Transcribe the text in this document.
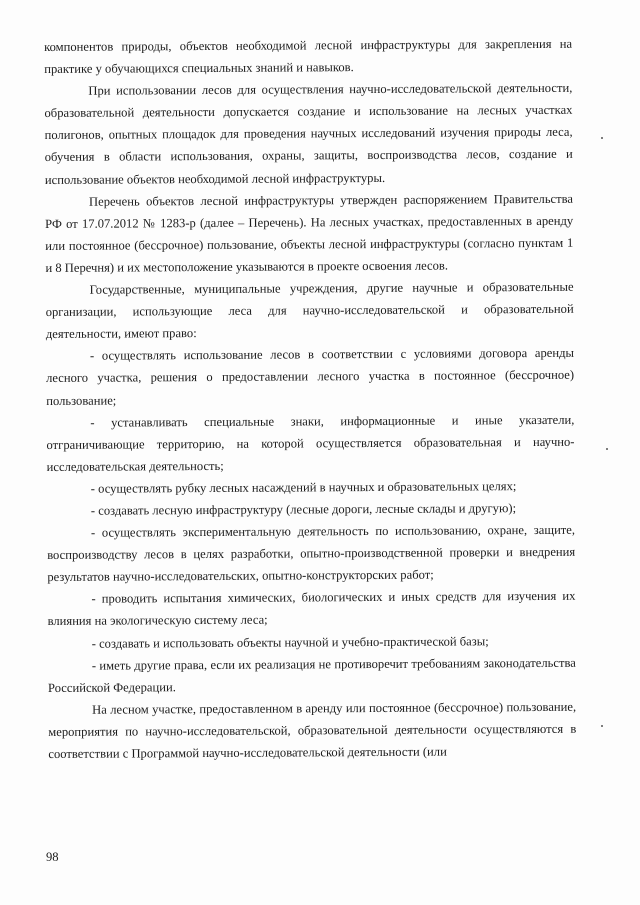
компонентов природы, объектов необходимой лесной инфраструктуры для закрепления на практике у обучающихся специальных знаний и навыков.

При использовании лесов для осуществления научно-исследовательской деятельности, образовательной деятельности допускается создание и использование на лесных участках полигонов, опытных площадок для проведения научных исследований изучения природы леса, обучения в области использования, охраны, защиты, воспроизводства лесов, создание и использование объектов необходимой лесной инфраструктуры.

Перечень объектов лесной инфраструктуры утвержден распоряжением Правительства РФ от 17.07.2012 № 1283-р (далее – Перечень). На лесных участках, предоставленных в аренду или постоянное (бессрочное) пользование, объекты лесной инфраструктуры (согласно пунктам 1 и 8 Перечня) и их местоположение указываются в проекте освоения лесов.

Государственные, муниципальные учреждения, другие научные и образовательные организации, использующие леса для научно-исследовательской и образовательной деятельности, имеют право:

- осуществлять использование лесов в соответствии с условиями договора аренды лесного участка, решения о предоставлении лесного участка в постоянное (бессрочное) пользование;

- устанавливать специальные знаки, информационные и иные указатели, отграничивающие территорию, на которой осуществляется образовательная и научно-исследовательская деятельность;

- осуществлять рубку лесных насаждений в научных и образовательных целях;

- создавать лесную инфраструктуру (лесные дороги, лесные склады и другую);

- осуществлять экспериментальную деятельность по использованию, охране, защите, воспроизводству лесов в целях разработки, опытно-производственной проверки и внедрения результатов научно-исследовательских, опытно-конструкторских работ;

- проводить испытания химических, биологических и иных средств для изучения их влияния на экологическую систему леса;

- создавать и использовать объекты научной и учебно-практической базы;

- иметь другие права, если их реализация не противоречит требованиям законодательства Российской Федерации.

На лесном участке, предоставленном в аренду или постоянное (бессрочное) пользование, мероприятия по научно-исследовательской, образовательной деятельности осуществляются в соответствии с Программой научно-исследовательской деятельности (или

98
